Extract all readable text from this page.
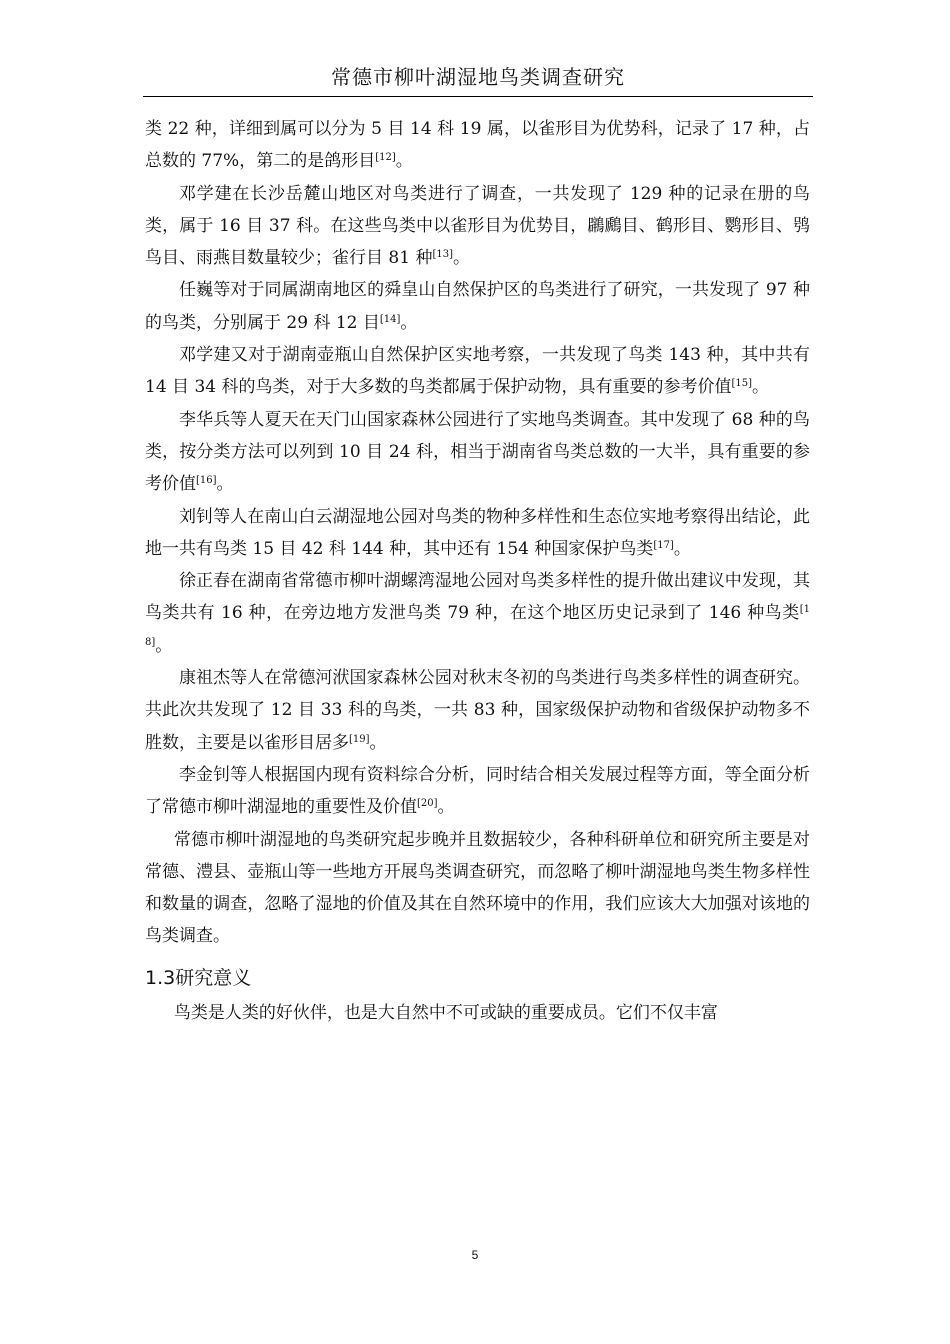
常德市柳叶湖湿地鸟类调查研究

类 22 种，详细到属可以分为 5 目 14 科 19 属，以雀形目为优势科，记录了 17 种，占总数的 77%，第二的是鸽形目[12]。

邓学建在长沙岳麓山地区对鸟类进行了调查，一共发现了 129 种的记录在册的鸟类，属于 16 目 37 科。在这些鸟类中以雀形目为优势目，鸊鷉目、鹤形目、鹦形目、鸮鸟目、雨燕目数量较少；雀行目 81 种[13]。

任巍等对于同属湖南地区的舜皇山自然保护区的鸟类进行了研究，一共发现了 97 种的鸟类，分别属于 29 科 12 目[14]。

邓学建又对于湖南壶瓶山自然保护区实地考察，一共发现了鸟类 143 种，其中共有 14 目 34 科的鸟类，对于大多数的鸟类都属于保护动物，具有重要的参考价值[15]。

李华兵等人夏天在天门山国家森林公园进行了实地鸟类调查。其中发现了 68 种的鸟类，按分类方法可以列到 10 目 24 科，相当于湖南省鸟类总数的一大半，具有重要的参考价值[16]。

刘钊等人在南山白云湖湿地公园对鸟类的物种多样性和生态位实地考察得出结论，此地一共有鸟类 15 目 42 科 144 种，其中还有 154 种国家保护鸟类[17]。

徐正春在湖南省常德市柳叶湖螺湾湿地公园对鸟类多样性的提升做出建议中发现，其鸟类共有 16 种，在旁边地方发泄鸟类 79 种，在这个地区历史记录到了 146 种鸟类[18]。

康祖杰等人在常德河洑国家森林公园对秋末冬初的鸟类进行鸟类多样性的调查研究。共此次共发现了 12 目 33 科的鸟类，一共 83 种，国家级保护动物和省级保护动物多不胜数，主要是以雀形目居多[19]。

李金钊等人根据国内现有资料综合分析，同时结合相关发展过程等方面，等全面分析了常德市柳叶湖湿地的重要性及价值[20]。

常德市柳叶湖湿地的鸟类研究起步晚并且数据较少，各种科研单位和研究所主要是对常德、澧县、壶瓶山等一些地方开展鸟类调查研究，而忽略了柳叶湖湿地鸟类生物多样性和数量的调查，忽略了湿地的价值及其在自然环境中的作用，我们应该大大加强对该地的鸟类调查。

1.3研究意义

鸟类是人类的好伙伴，也是大自然中不可或缺的重要成员。它们不仅丰富

5
